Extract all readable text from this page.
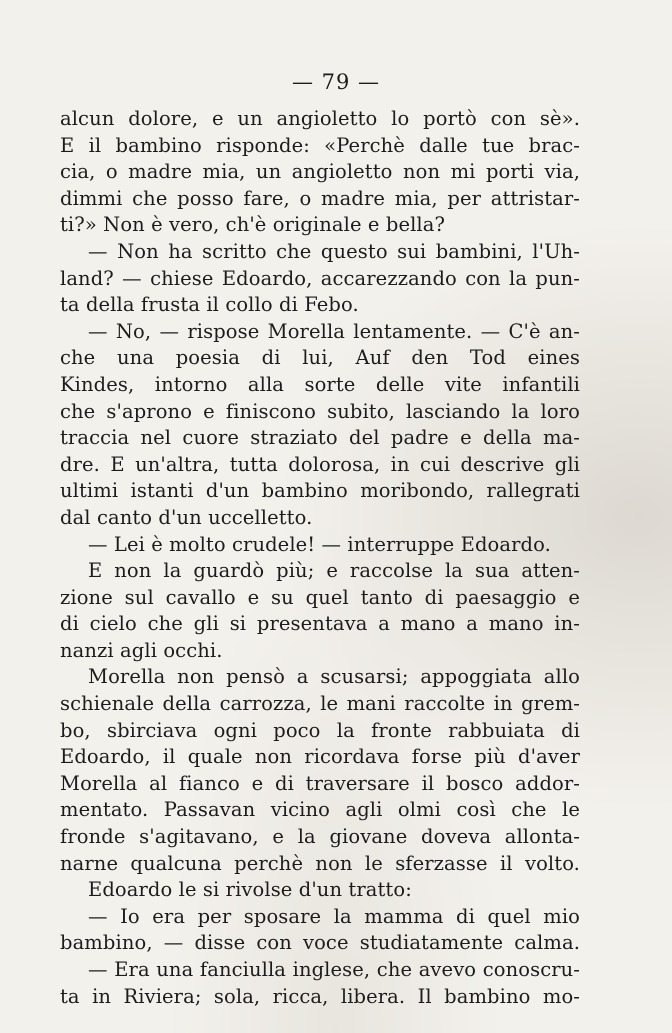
— 79 —
alcun dolore, e un angioletto lo portò con sè».
E il bambino risponde: «Perchè dalle tue brac-
cia, o madre mia, un angioletto non mi porti via,
dimmi che posso fare, o madre mia, per attristar-
ti?» Non è vero, ch'è originale e bella?
— Non ha scritto che questo sui bambini, l'Uh-
land? — chiese Edoardo, accarezzando con la pun-
ta della frusta il collo di Febo.
— No, — rispose Morella lentamente. — C'è an-
che una poesia di lui, Auf den Tod eines
Kindes, intorno alla sorte delle vite infantili
che s'aprono e finiscono subito, lasciando la loro
traccia nel cuore straziato del padre e della ma-
dre. E un'altra, tutta dolorosa, in cui descrive gli
ultimi istanti d'un bambino moribondo, rallegrati
dal canto d'un uccelletto.
— Lei è molto crudele! — interruppe Edoardo.
E non la guardò più; e raccolse la sua atten-
zione sul cavallo e su quel tanto di paesaggio e
di cielo che gli si presentava a mano a mano in-
nanzi agli occhi.
Morella non pensò a scusarsi; appoggiata allo
schienale della carrozza, le mani raccolte in grem-
bo, sbirciava ogni poco la fronte rabbuiata di
Edoardo, il quale non ricordava forse più d'aver
Morella al fianco e di traversare il bosco addor-
mentato. Passavan vicino agli olmi così che le
fronde s'agitavano, e la giovane doveva allonta-
narne qualcuna perchè non le sferzasse il volto.
Edoardo le si rivolse d'un tratto:
— Io era per sposare la mamma di quel mio
bambino, — disse con voce studiatamente calma.
— Era una fanciulla inglese, che avevo conoscru-
ta in Riviera; sola, ricca, libera. Il bambino mo-
